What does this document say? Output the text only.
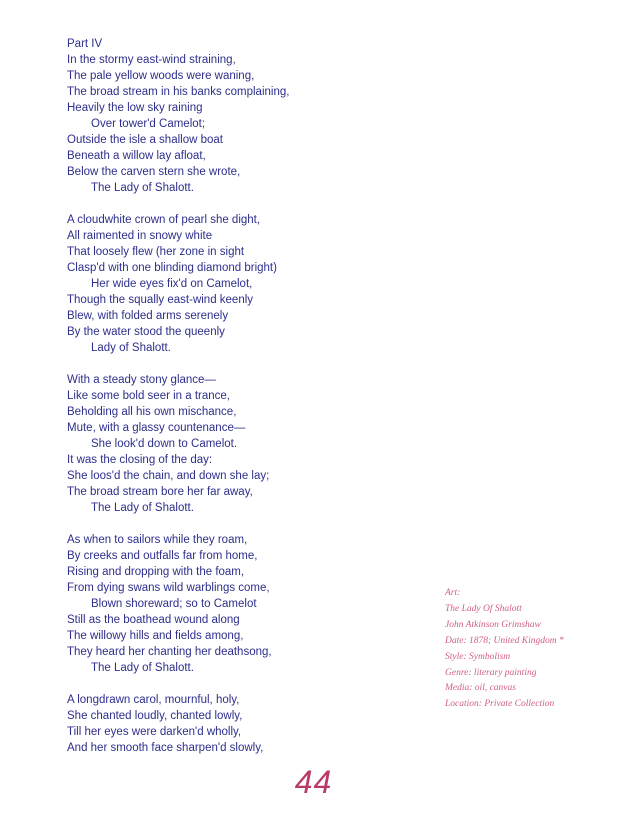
Part IV
In the stormy east-wind straining,
The pale yellow woods were waning,
The broad stream in his banks complaining,
Heavily the low sky raining
Over tower'd Camelot;
Outside the isle a shallow boat
Beneath a willow lay afloat,
Below the carven stern she wrote,
The Lady of Shalott.
A cloudwhite crown of pearl she dight,
All raimented in snowy white
That loosely flew (her zone in sight
Clasp'd with one blinding diamond bright)
Her wide eyes fix'd on Camelot,
Though the squally east-wind keenly
Blew, with folded arms serenely
By the water stood the queenly
Lady of Shalott.
With a steady stony glance—
Like some bold seer in a trance,
Beholding all his own mischance,
Mute, with a glassy countenance—
She look'd down to Camelot.
It was the closing of the day:
She loos'd the chain, and down she lay;
The broad stream bore her far away,
The Lady of Shalott.
As when to sailors while they roam,
By creeks and outfalls far from home,
Rising and dropping with the foam,
From dying swans wild warblings come,
Blown shoreward; so to Camelot
Still as the boathead wound along
The willowy hills and fields among,
They heard her chanting her deathsong,
The Lady of Shalott.
A longdrawn carol, mournful, holy,
She chanted loudly, chanted lowly,
Till her eyes were darken'd wholly,
And her smooth face sharpen'd slowly,
Art:
The Lady Of Shalott
John Atkinson Grimshaw
Date: 1878; United Kingdom *
Style: Symbolism
Genre: literary painting
Media: oil, canvas
Location: Private Collection
44
